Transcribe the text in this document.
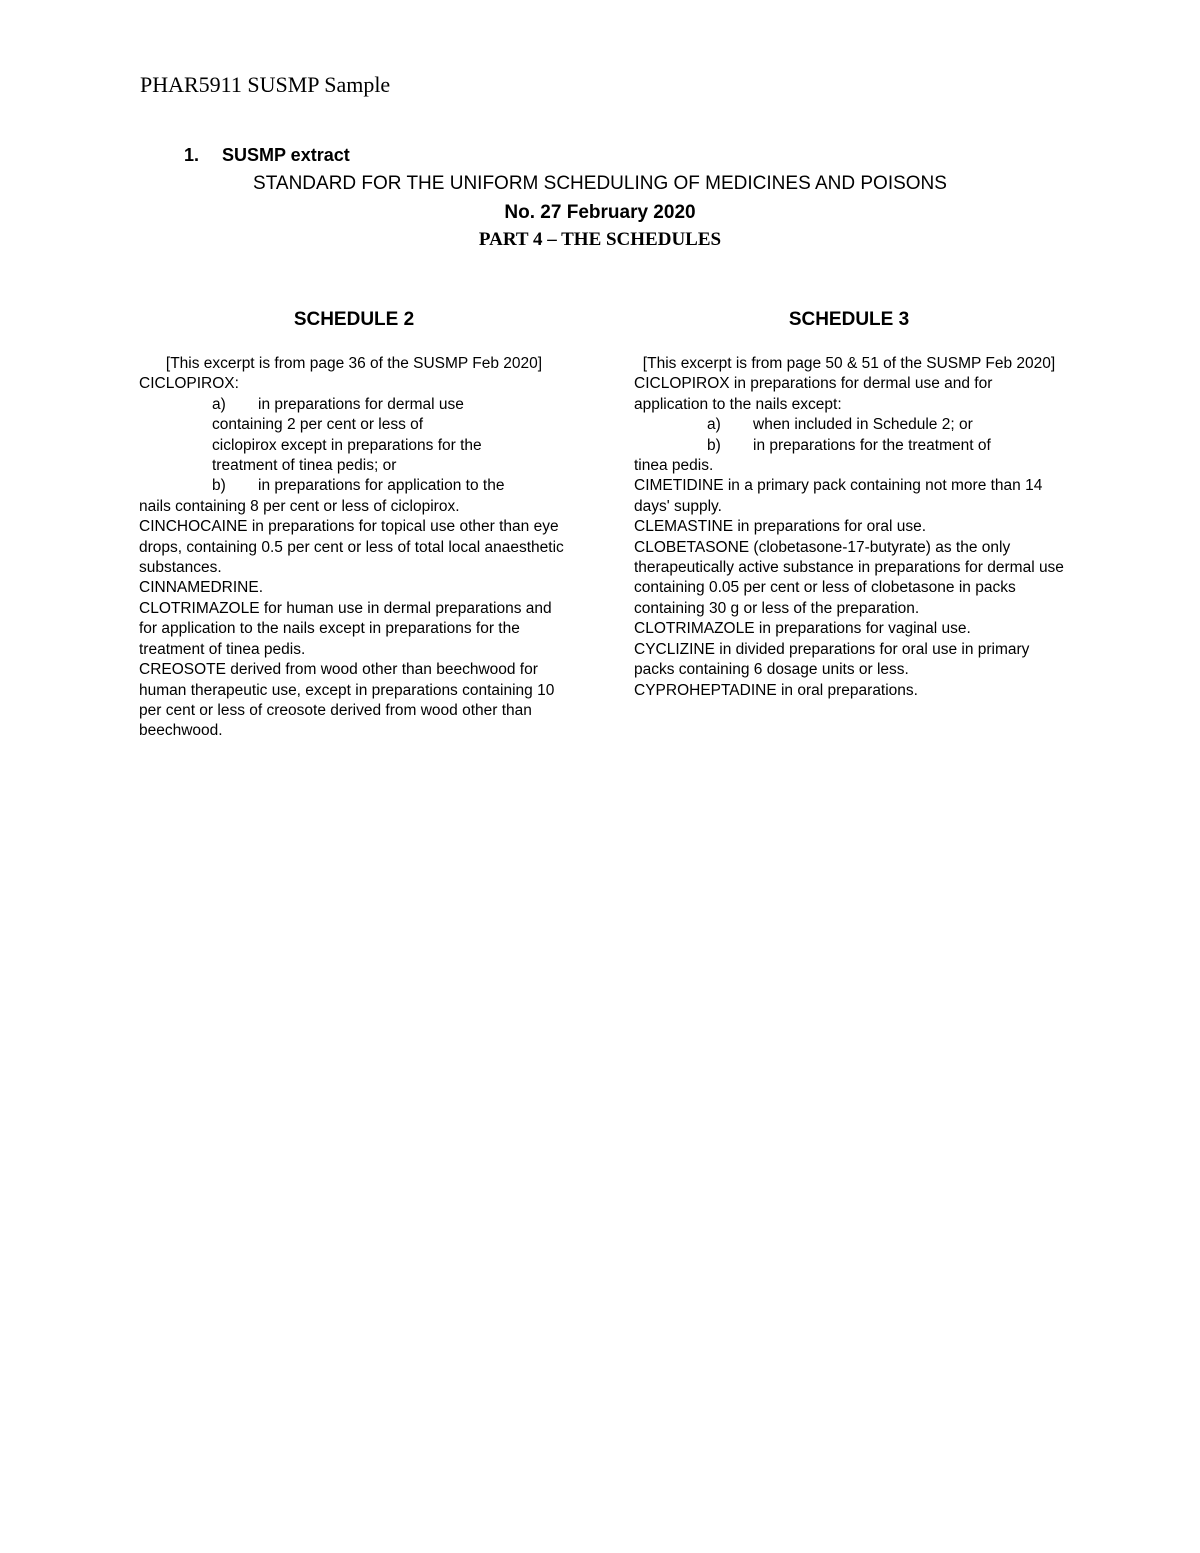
PHAR5911 SUSMP Sample
1. SUSMP extract
STANDARD FOR THE UNIFORM SCHEDULING OF MEDICINES AND POISONS
No. 27 February 2020
PART 4 – THE SCHEDULES
SCHEDULE 2

[This excerpt is from page 36 of the SUSMP Feb 2020]

CICLOPIROX:

a) in preparations for dermal use
containing 2 per cent or less of
ciclopirox except in preparations for the
treatment of tinea pedis; or
b) in preparations for application to the

nails containing 8 per cent or less of ciclopirox.

CINCHOCAINE in preparations for topical use other than eye drops, containing 0.5 per cent or less of total local anaesthetic substances.

CINNAMEDRINE.

CLOTRIMAZOLE for human use in dermal preparations and for application to the nails except in preparations for the treatment of tinea pedis.

CREOSOTE derived from wood other than beechwood for human therapeutic use, except in preparations containing 10 per cent or less of creosote derived from wood other than beechwood.

SCHEDULE 3

[This excerpt is from page 50 & 51 of the SUSMP Feb 2020]

CICLOPIROX in preparations for dermal use and for application to the nails except:

a) when included in Schedule 2; or
b) in preparations for the treatment of

tinea pedis.

CIMETIDINE in a primary pack containing not more than 14 days' supply.

CLEMASTINE in preparations for oral use.

CLOBETASONE (clobetasone-17-butyrate) as the only therapeutically active substance in preparations for dermal use containing 0.05 per cent or less of clobetasone in packs containing 30 g or less of the preparation.

CLOTRIMAZOLE in preparations for vaginal use.

CYCLIZINE in divided preparations for oral use in primary packs containing 6 dosage units or less.

CYPROHEPTADINE in oral preparations.
